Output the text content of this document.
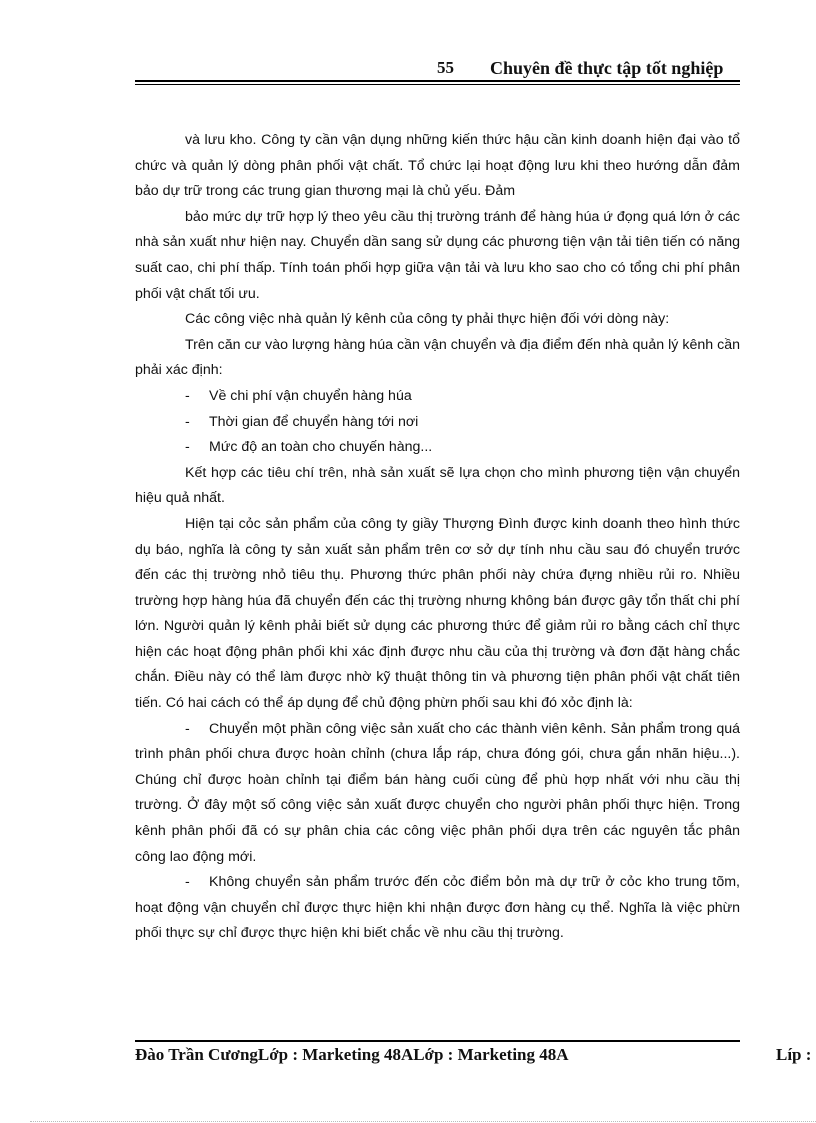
55 Chuyên đề thực tập tốt nghiệp

và lưu kho. Công ty cần vận dụng những kiến thức hậu cần kinh doanh hiện đại vào tổ chức và quản lý dòng phân phối vật chất. Tổ chức lại hoạt động lưu khi theo hướng dẫn đảm bảo dự trữ trong các trung gian thương mại là chủ yếu. Đảm

bảo mức dự trữ hợp lý theo yêu cầu thị trường tránh để hàng húa ứ đọng quá lớn ở các nhà sản xuất như hiện nay. Chuyển dần sang sử dụng các phương tiện vận tải tiên tiến có năng suất cao, chi phí thấp. Tính toán phối hợp giữa vận tải và lưu kho sao cho có tổng chi phí phân phối vật chất tối ưu.

Các công việc nhà quản lý kênh của công ty phải thực hiện đối với dòng này:

Trên căn cư vào lượng hàng húa cần vận chuyển và địa điểm đến nhà quản lý kênh cần phải xác định:

- Về chi phí vận chuyển hàng húa

- Thời gian để chuyển hàng tới nơi

- Mức độ an toàn cho chuyến hàng...

Kết hợp các tiêu chí trên, nhà sản xuất sẽ lựa chọn cho mình phương tiện vận chuyển hiệu quả nhất.

Hiện tại cỏc sản phẩm của công ty giầy Thượng Đình được kinh doanh theo hình thức dụ báo, nghĩa là công ty sản xuất sản phẩm trên cơ sở dự tính nhu cầu sau đó chuyển trước đến các thị trường nhỏ tiêu thụ. Phương thức phân phối này chứa đựng nhiều rủi ro. Nhiều trường hợp hàng húa đã chuyển đến các thị trường nhưng không bán được gây tổn thất chi phí lớn. Người quản lý kênh phải biết sử dụng các phương thức để giảm rủi ro bằng cách chỉ thực hiện các hoạt động phân phối khi xác định được nhu cầu của thị trường và đơn đặt hàng chắc chắn. Điều này có thể làm được nhờ kỹ thuật thông tin và phương tiện phân phối vật chất tiên tiến. Có hai cách có thể áp dụng để chủ động phừn phối sau khi đó xỏc định là:

- Chuyển một phần công việc sản xuất cho các thành viên kênh. Sản phẩm trong quá trình phân phối chưa được hoàn chỉnh (chưa lắp ráp, chưa đóng gói, chưa gắn nhãn hiệu...). Chúng chỉ được hoàn chỉnh tại điểm bán hàng cuối cùng để phù hợp nhất với nhu cầu thị trường. Ở đây một số công việc sản xuất được chuyển cho người phân phối thực hiện. Trong kênh phân phối đã có sự phân chia các công việc phân phối dựa trên các nguyên tắc phân công lao động mới.

- Không chuyển sản phẩm trước đến cỏc điểm bỏn mà dự trữ ở cỏc kho trung tõm, hoạt động vận chuyển chỉ được thực hiện khi nhận được đơn hàng cụ thể. Nghĩa là việc phừn phối thực sự chỉ được thực hiện khi biết chắc về nhu cầu thị trường.

Đào Trần CươngLớp : Marketing 48ALớp : Marketing 48A	Líp :
